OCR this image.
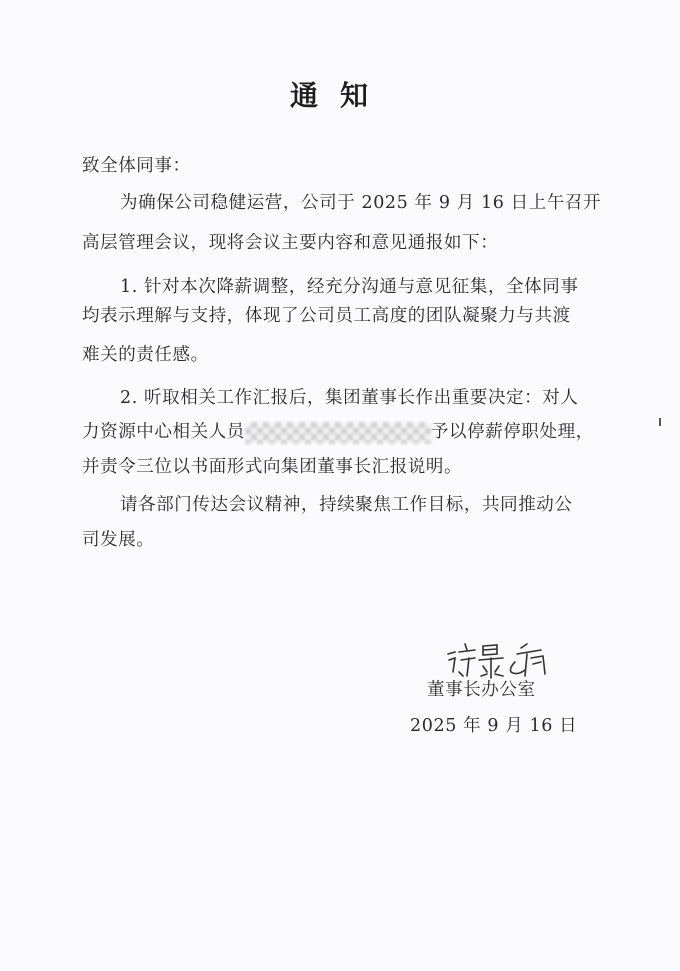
通知
致全体同事：
为确保公司稳健运营，公司于 2025 年 9 月 16 日上午召开
高层管理会议，现将会议主要内容和意见通报如下：
1. 针对本次降薪调整，经充分沟通与意见征集，全体同事
均表示理解与支持，体现了公司员工高度的团队凝聚力与共渡
难关的责任感。
2. 听取相关工作汇报后，集团董事长作出重要决定：对人
力资源中心相关人员	予以停薪停职处理，
并责令三位以书面形式向集团董事长汇报说明。
请各部门传达会议精神，持续聚焦工作目标，共同推动公
司发展。
董事长办公室
2025 年 9 月 16 日
